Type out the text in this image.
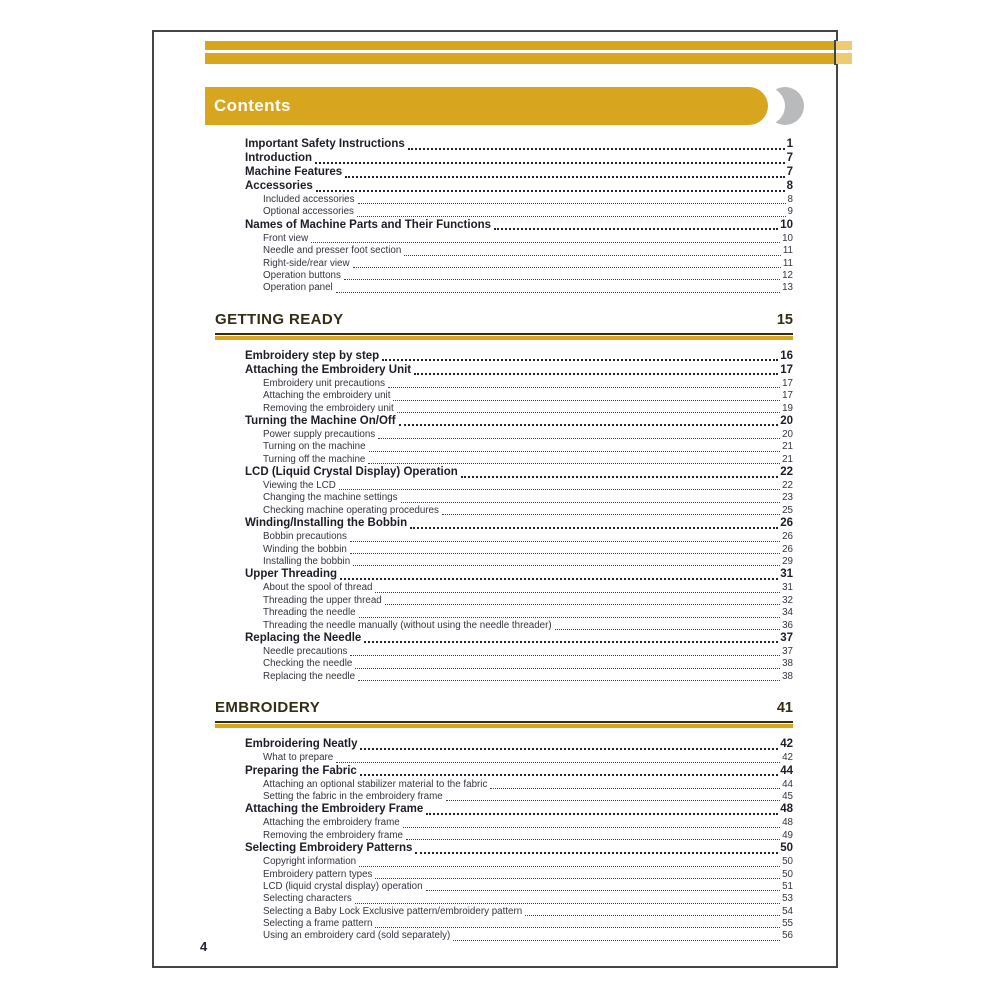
Contents
Important Safety Instructions	1
Introduction	7
Machine Features	7
Accessories	8
Included accessories	8
Optional accessories	9
Names of Machine Parts and Their Functions	10
Front view	10
Needle and presser foot section	11
Right-side/rear view	11
Operation buttons	12
Operation panel	13
GETTING READY	15
Embroidery step by step	16
Attaching the Embroidery Unit	17
Embroidery unit precautions	17
Attaching the embroidery unit	17
Removing the embroidery unit	19
Turning the Machine On/Off	20
Power supply precautions	20
Turning on the machine	21
Turning off the machine	21
LCD (Liquid Crystal Display) Operation	22
Viewing the LCD	22
Changing the machine settings	23
Checking machine operating procedures	25
Winding/Installing the Bobbin	26
Bobbin precautions	26
Winding the bobbin	26
Installing the bobbin	29
Upper Threading	31
About the spool of thread	31
Threading the upper thread	32
Threading the needle	34
Threading the needle manually (without using the needle threader)	36
Replacing the Needle	37
Needle precautions	37
Checking the needle	38
Replacing the needle	38
EMBROIDERY	41
Embroidering Neatly	42
What to prepare	42
Preparing the Fabric	44
Attaching an optional stabilizer material to the fabric	44
Setting the fabric in the embroidery frame	45
Attaching the Embroidery Frame	48
Attaching the embroidery frame	48
Removing the embroidery frame	49
Selecting Embroidery Patterns	50
Copyright information	50
Embroidery pattern types	50
LCD (liquid crystal display) operation	51
Selecting characters	53
Selecting a Baby Lock Exclusive pattern/embroidery pattern	54
Selecting a frame pattern	55
Using an embroidery card (sold separately)	56
4
